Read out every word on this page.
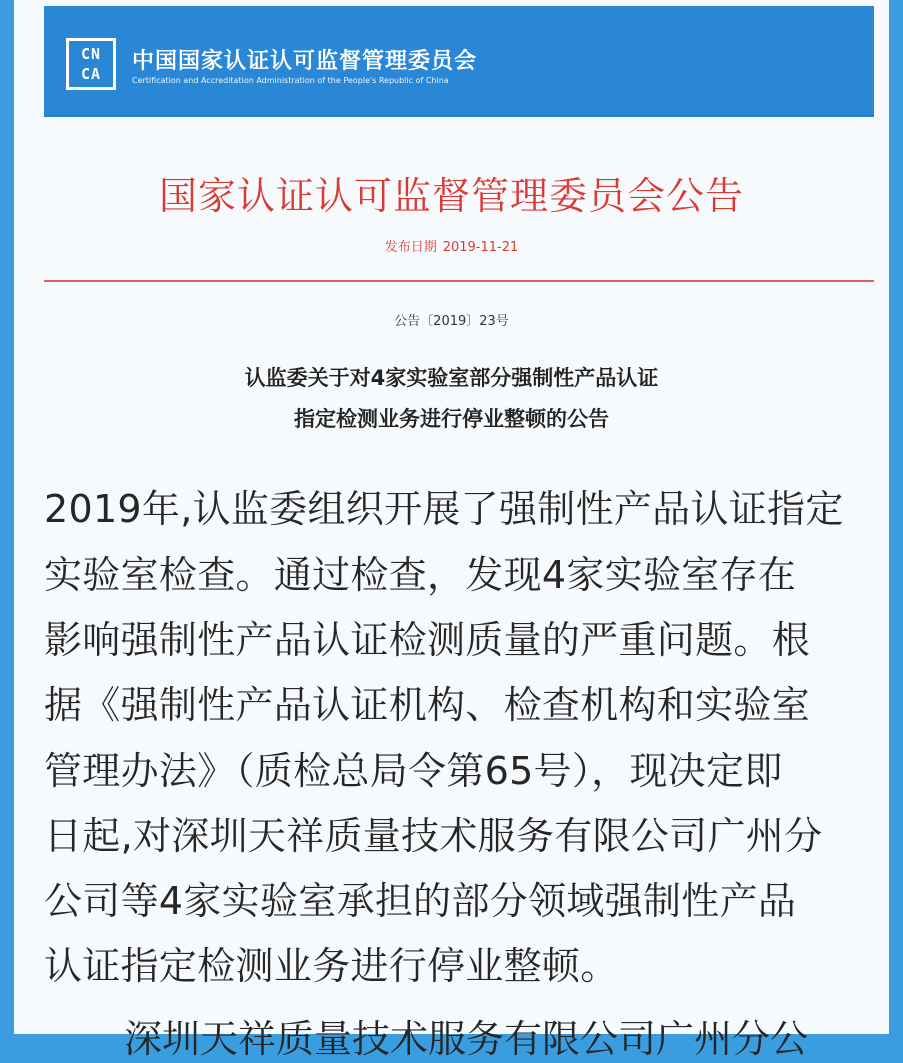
CN
CA	中国国家认证认可监督管理委员会
Certification and Accreditation Administration of the People's Republic of China
国家认证认可监督管理委员会公告
发布日期 2019-11-21
公告〔2019〕23号
认监委关于对4家实验室部分强制性产品认证
指定检测业务进行停业整顿的公告
2019年,认监委组织开展了强制性产品认证指定
实验室检查。通过检查，发现4家实验室存在
影响强制性产品认证检测质量的严重问题。根
据《强制性产品认证机构、检查机构和实验室
管理办法》（质检总局令第65号），现决定即
日起,对深圳天祥质量技术服务有限公司广州分
公司等4家实验室承担的部分领域强制性产品
认证指定检测业务进行停业整顿。
深圳天祥质量技术服务有限公司广州分公
